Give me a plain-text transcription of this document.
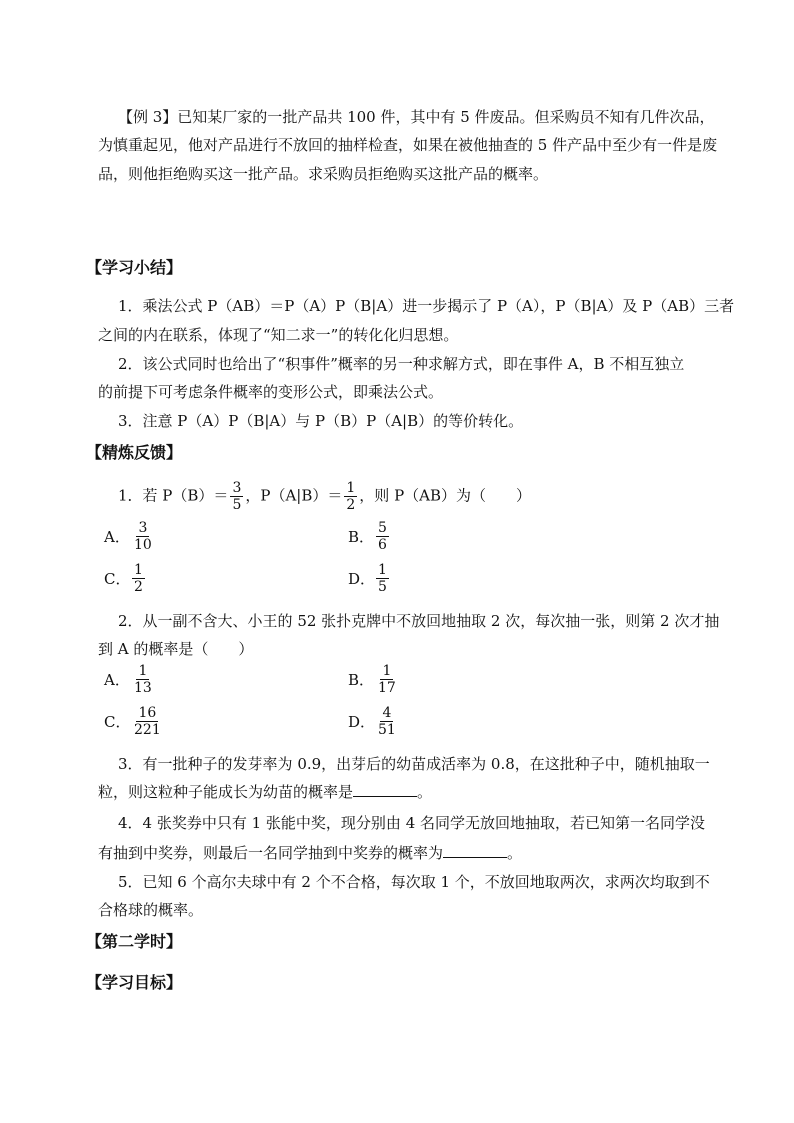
【例 3】已知某厂家的一批产品共 100 件，其中有 5 件废品。但采购员不知有几件次品，
为慎重起见，他对产品进行不放回的抽样检查，如果在被他抽查的 5 件产品中至少有一件是废
品，则他拒绝购买这一批产品。求采购员拒绝购买这批产品的概率。
【学习小结】
1．乘法公式 P（AB）＝P（A）P（B|A）进一步揭示了 P（A），P（B|A）及 P（AB）三者
之间的内在联系，体现了“知二求一”的转化化归思想。
2．该公式同时也给出了“积事件”概率的另一种求解方式，即在事件 A，B 不相互独立
的前提下可考虑条件概率的变形公式，即乘法公式。
3．注意 P（A）P（B|A）与 P（B）P（A|B）的等价转化。
【精炼反馈】
1．若 $P(B)= \frac{3}{5}$ ，$P(A|B)= \frac{1}{2}$ ，则 P（AB）为（　　）
A． $\frac{3}{10}$	B． $\frac{5}{6}$
C． $\frac{1}{2}$	D． $\frac{1}{5}$
2．从一副不含大、小王的 52 张扑克牌中不放回地抽取 2 次，每次抽一张，则第 2 次才抽
到 A 的概率是（　　）
A． $\frac{1}{13}$	B． $\frac{1}{17}$
C． $\frac{16}{221}$	D． $\frac{4}{51}$
3．有一批种子的发芽率为 0.9，出芽后的幼苗成活率为 0.8，在这批种子中，随机抽取一
粒，则这粒种子能成长为幼苗的概率是	。
4．4 张奖券中只有 1 张能中奖，现分别由 4 名同学无放回地抽取，若已知第一名同学没
有抽到中奖券，则最后一名同学抽到中奖券的概率为	。
5．已知 6 个高尔夫球中有 2 个不合格，每次取 1 个，不放回地取两次，求两次均取到不
合格球的概率。
【第二学时】
【学习目标】
